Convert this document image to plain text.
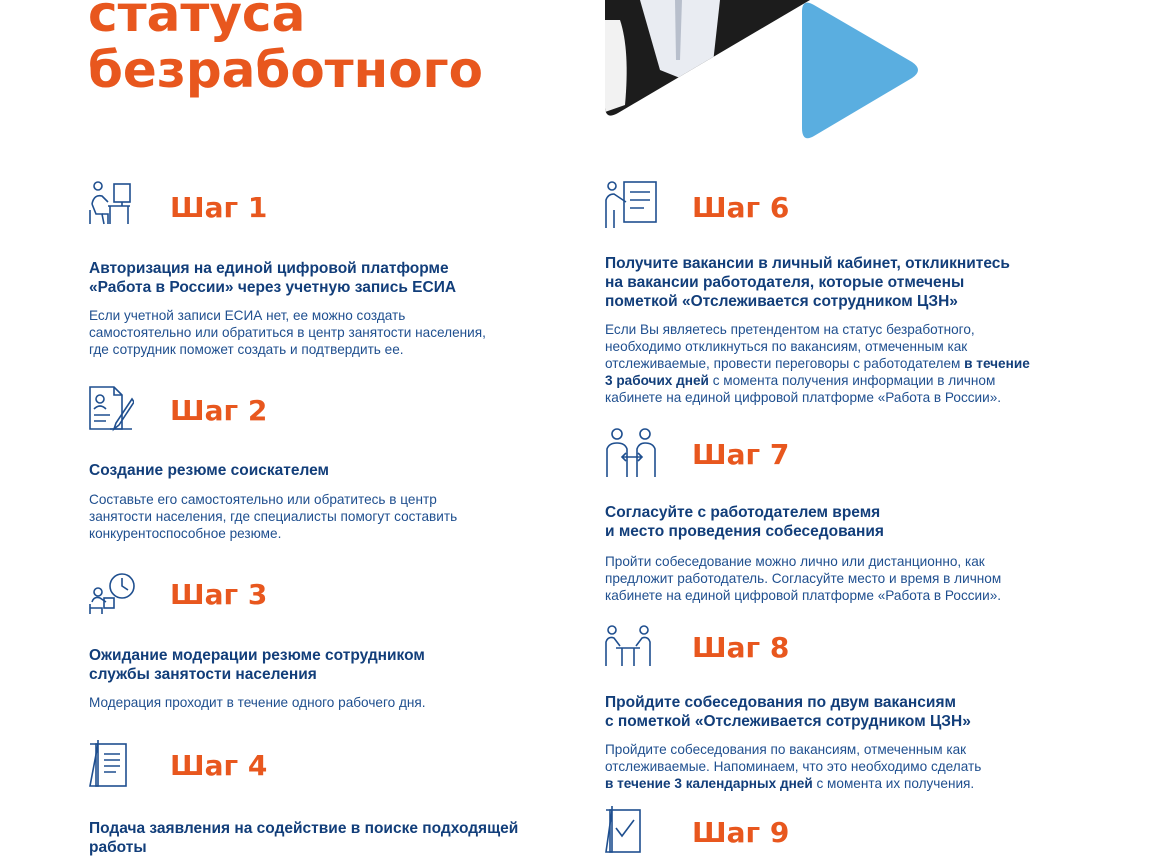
статуса
безработного
Шаг 1

Авторизация на единой цифровой платформе
«Работа в России» через учетную запись ЕСИА

Если учетной записи ЕСИА нет, ее можно создать
самостоятельно или обратиться в центр занятости населения,
где сотрудник поможет создать и подтвердить ее.

Шаг 2

Создание резюме соискателем

Составьте его самостоятельно или обратитесь в центр
занятости населения, где специалисты помогут составить
конкурентоспособное резюме.

Шаг 3

Ожидание модерации резюме сотрудником
службы занятости населения

Модерация проходит в течение одного рабочего дня.

Шаг 4

Подача заявления на содействие в поиске подходящей
работы

Шаг 6

Получите вакансии в личный кабинет, откликнитесь
на вакансии работодателя, которые отмечены
пометкой «Отслеживается сотрудником ЦЗН»

Если Вы являетесь претендентом на статус безработного,
необходимо откликнуться по вакансиям, отмеченным как
отслеживаемые, провести переговоры с работодателем в течение
3 рабочих дней с момента получения информации в личном
кабинете на единой цифровой платформе «Работа в России».

Шаг 7

Согласуйте с работодателем время
и место проведения собеседования

Пройти собеседование можно лично или дистанционно, как
предложит работодатель. Согласуйте место и время в личном
кабинете на единой цифровой платформе «Работа в России».

Шаг 8

Пройдите собеседования по двум вакансиям
с пометкой «Отслеживается сотрудником ЦЗН»

Пройдите собеседования по вакансиям, отмеченным как
отслеживаемые. Напоминаем, что это необходимо сделать
в течение 3 календарных дней с момента их получения.

Шаг 9
